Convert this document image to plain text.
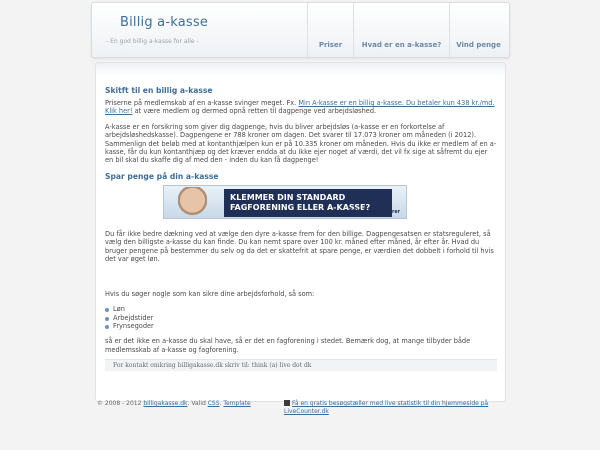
Billig a-kasse
- En god billig a-kasse for alle -	Priser	Hvad er en a-kasse?	Vind penge
Skitft til en billig a-kasse

Priserne på medlemskab af en a-kasse svinger meget. Fx. Min A-kasse er en billig a-kasse. Du betaler kun 438 kr./md. Klik her! at være medlem og dermed opnå retten til dagpenge ved arbejdsløshed.

A-kasse er en forsikring som giver dig dagpenge, hvis du bliver arbejdsløs (a-kasse er en forkortelse af arbejdsløshedskasse). Dagpengene er 788 kroner om dagen. Det svarer til 17.073 kroner om måneden (i 2012). Sammenlign det beløb med at kontanthjælpen kun er på 10.335 kroner om måneden. Hvis du ikke er medlem af en a-kasse, får du kun kontanthjæp og det kræver endda at du ikke ejer noget af værdi, det vil fx sige at såfremt du ejer en bil skal du skaffe dig af med den - inden du kan få dagpenge!

Spar penge på din a-kasse
KLEMMER DIN STANDARD
FAGFORENING ELLER A-KASSE?
FRIE Funktionærer

Du får ikke bedre dækning ved at vælge den dyre a-kasse frem for den billige. Dagpengesatsen er statsreguleret, så vælg den billigste a-kasse du kan finde. Du kan nemt spare over 100 kr. måned efter måned, år efter år. Hvad du bruger pengene på bestemmer du selv og da det er skattefrit at spare penge, er værdien det dobbelt i forhold til hvis det var øget løn.

Hvis du søger nogle som kan sikre dine arbejdsforhold, så som:

Løn
Arbejdstider
Frynsegoder

så er det ikke en a-kasse du skal have, så er det en fagforening i stedet. Bemærk dog, at mange tilbyder både medlemsskab af a-kasse og fagforening.

For kontakt omkring billigakasse.dk skriv til: think (a) live dot dk
© 2008 - 2012 billigakasse.dk. Valid CSS. Template	Få en gratis besøgstæller med live statistik til din hjemmeside på
LiveCounter.dk
